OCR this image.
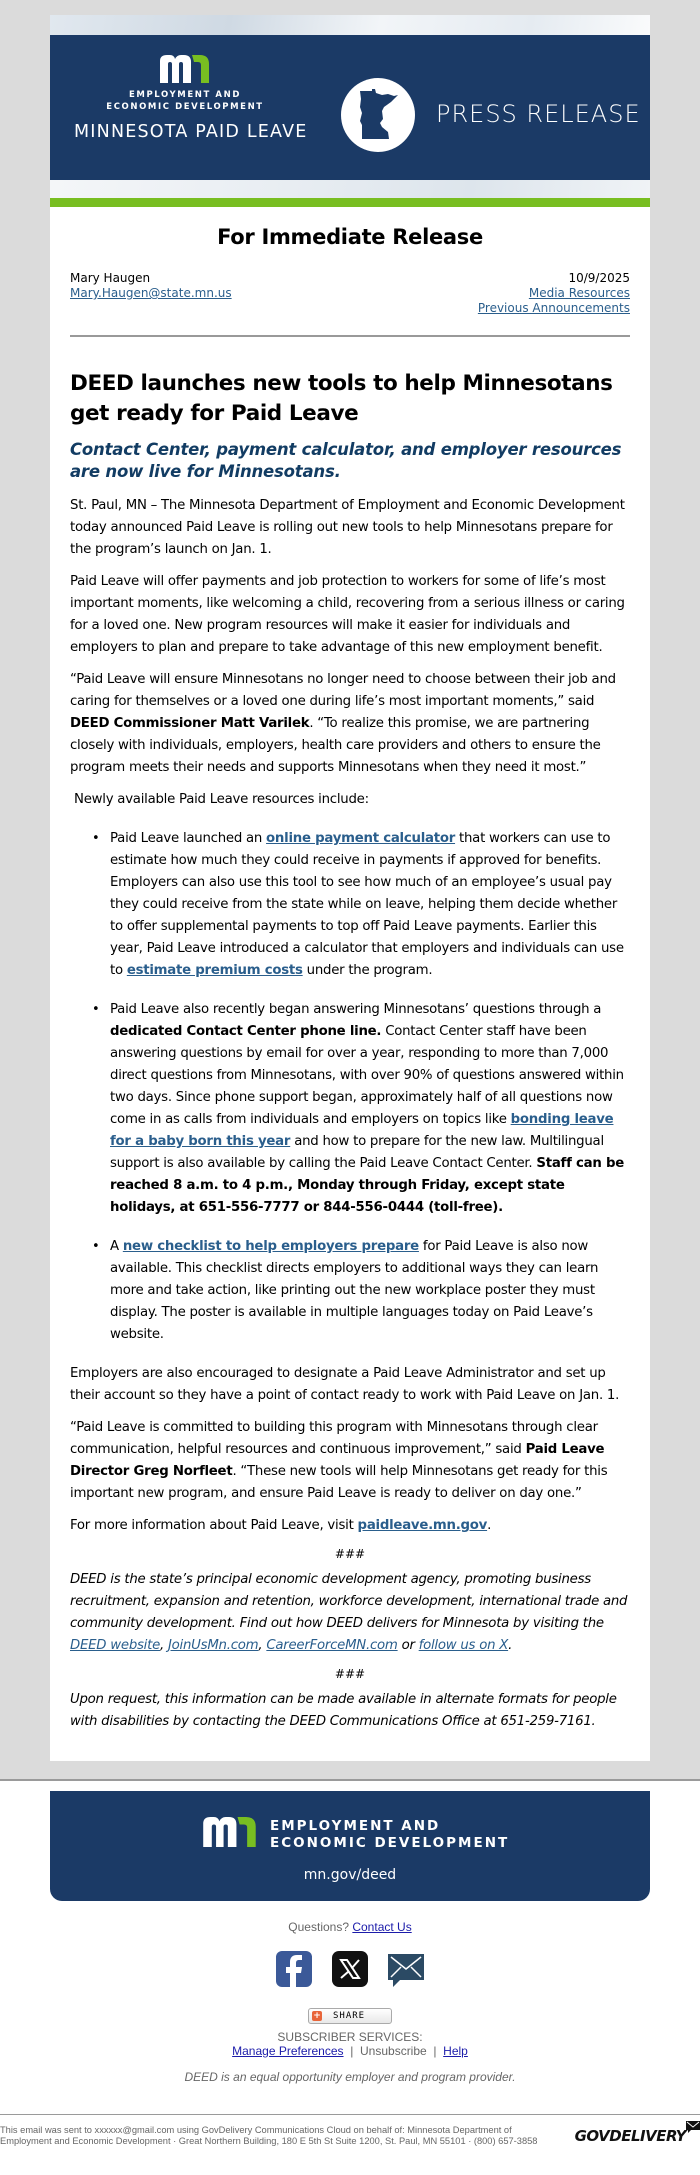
EMPLOYMENT AND
ECONOMIC DEVELOPMENT
MINNESOTA PAID LEAVE
PRESS RELEASE
For Immediate Release
Mary Haugen
Mary.Haugen@state.mn.us
10/9/2025
Media Resources
Previous Announcements
DEED launches new tools to help Minnesotans get ready for Paid Leave
Contact Center, payment calculator, and employer resources are now live for Minnesotans.

St. Paul, MN – The Minnesota Department of Employment and Economic Development today announced Paid Leave is rolling out new tools to help Minnesotans prepare for the program’s launch on Jan. 1.

Paid Leave will offer payments and job protection to workers for some of life’s most important moments, like welcoming a child, recovering from a serious illness or caring for a loved one. New program resources will make it easier for individuals and employers to plan and prepare to take advantage of this new employment benefit.

“Paid Leave will ensure Minnesotans no longer need to choose between their job and caring for themselves or a loved one during life’s most important moments,” said DEED Commissioner Matt Varilek. “To realize this promise, we are partnering closely with individuals, employers, health care providers and others to ensure the program meets their needs and supports Minnesotans when they need it most.”

Newly available Paid Leave resources include:

• Paid Leave launched an online payment calculator that workers can use to estimate how much they could receive in payments if approved for benefits. Employers can also use this tool to see how much of an employee’s usual pay they could receive from the state while on leave, helping them decide whether to offer supplemental payments to top off Paid Leave payments. Earlier this year, Paid Leave introduced a calculator that employers and individuals can use to estimate premium costs under the program.
• Paid Leave also recently began answering Minnesotans’ questions through a dedicated Contact Center phone line. Contact Center staff have been answering questions by email for over a year, responding to more than 7,000 direct questions from Minnesotans, with over 90% of questions answered within two days. Since phone support began, approximately half of all questions now come in as calls from individuals and employers on topics like bonding leave for a baby born this year and how to prepare for the new law. Multilingual support is also available by calling the Paid Leave Contact Center. Staff can be reached 8 a.m. to 4 p.m., Monday through Friday, except state holidays, at 651-556-7777 or 844-556-0444 (toll-free).
• A new checklist to help employers prepare for Paid Leave is also now available. This checklist directs employers to additional ways they can learn more and take action, like printing out the new workplace poster they must display. The poster is available in multiple languages today on Paid Leave’s website.

Employers are also encouraged to designate a Paid Leave Administrator and set up their account so they have a point of contact ready to work with Paid Leave on Jan. 1.

“Paid Leave is committed to building this program with Minnesotans through clear communication, helpful resources and continuous improvement,” said Paid Leave Director Greg Norfleet. “These new tools will help Minnesotans get ready for this important new program, and ensure Paid Leave is ready to deliver on day one.”

For more information about Paid Leave, visit paidleave.mn.gov.

###

DEED is the state’s principal economic development agency, promoting business recruitment, expansion and retention, workforce development, international trade and community development. Find out how DEED delivers for Minnesota by visiting the DEED website, JoinUsMn.com, CareerForceMN.com or follow us on X.

###

Upon request, this information can be made available in alternate formats for people with disabilities by contacting the DEED Communications Office at 651-259-7161.

EMPLOYMENT AND
ECONOMIC DEVELOPMENT
mn.gov/deed
Questions? Contact Us
+ SHARE
SUBSCRIBER SERVICES:
Manage Preferences | Unsubscribe | Help
DEED is an equal opportunity employer and program provider.
This email was sent to xxxxxx@gmail.com using GovDelivery Communications Cloud on behalf of: Minnesota Department of
Employment and Economic Development · Great Northern Building, 180 E 5th St Suite 1200, St. Paul, MN 55101 · (800) 657-3858 GOVDELIVERY
